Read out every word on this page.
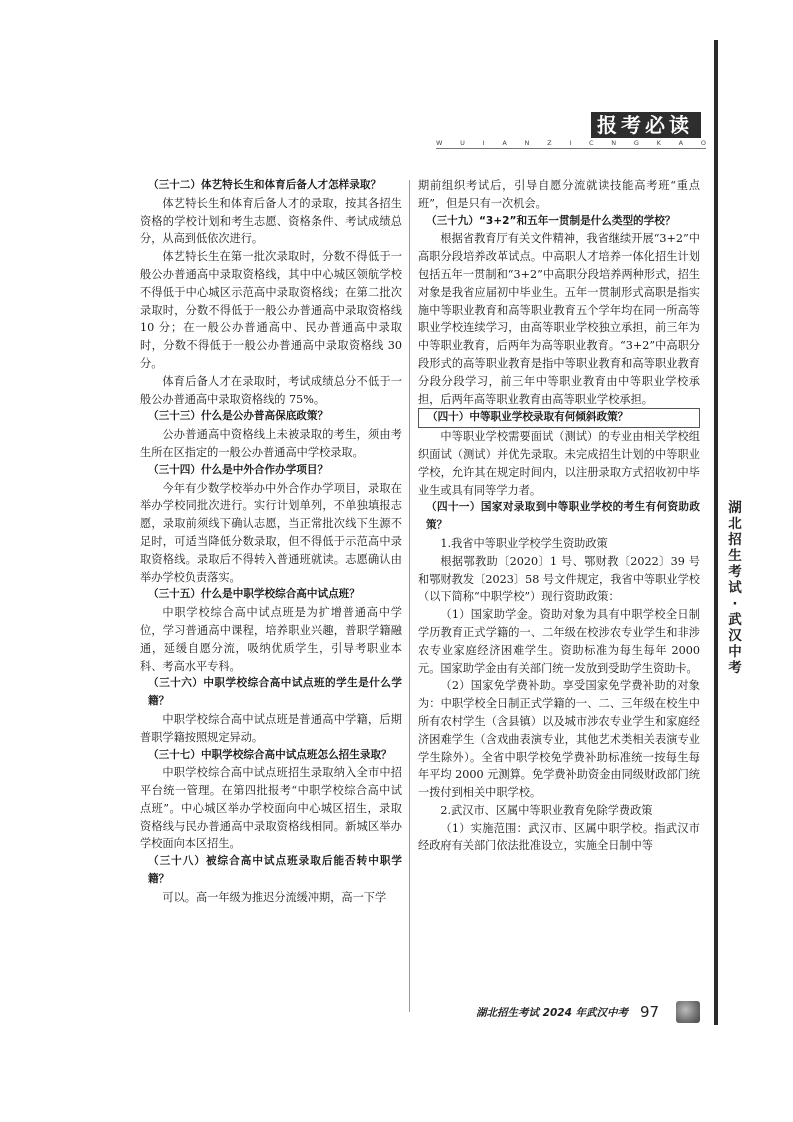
报考必读
W	U	I	A	N	Z	I	C	N	G	K	A	O

（三十二）体艺特长生和体育后备人才怎样录取？

体艺特长生和体育后备人才的录取，按其各招生资格的学校计划和考生志愿、资格条件、考试成绩总分，从高到低依次进行。

体艺特长生在第一批次录取时，分数不得低于一般公办普通高中录取资格线，其中中心城区领航学校不得低于中心城区示范高中录取资格线；在第二批次录取时，分数不得低于一般公办普通高中录取资格线 10 分；在一般公办普通高中、民办普通高中录取时，分数不得低于一般公办普通高中录取资格线 30 分。

体育后备人才在录取时，考试成绩总分不低于一般公办普通高中录取资格线的 75%。

（三十三）什么是公办普高保底政策？

公办普通高中资格线上未被录取的考生，须由考生所在区指定的一般公办普通高中学校录取。

（三十四）什么是中外合作办学项目？

今年有少数学校举办中外合作办学项目，录取在举办学校同批次进行。实行计划单列，不单独填报志愿，录取前须线下确认志愿，当正常批次线下生源不足时，可适当降低分数录取，但不得低于示范高中录取资格线。录取后不得转入普通班就读。志愿确认由举办学校负责落实。

（三十五）什么是中职学校综合高中试点班？

中职学校综合高中试点班是为扩增普通高中学位，学习普通高中课程，培养职业兴趣，普职学籍融通，延缓自愿分流，吸纳优质学生，引导考职业本科、考高水平专科。

（三十六）中职学校综合高中试点班的学生是什么学籍？

中职学校综合高中试点班是普通高中学籍，后期普职学籍按照规定异动。

（三十七）中职学校综合高中试点班怎么招生录取？

中职学校综合高中试点班招生录取纳入全市中招平台统一管理。在第四批报考“中职学校综合高中试点班”。中心城区举办学校面向中心城区招生，录取资格线与民办普通高中录取资格线相同。新城区举办学校面向本区招生。

（三十八）被综合高中试点班录取后能否转中职学籍？

可以。高一年级为推迟分流缓冲期，高一下学

期前组织考试后，引导自愿分流就读技能高考班“重点班”，但是只有一次机会。

（三十九）“3+2”和五年一贯制是什么类型的学校？

根据省教育厅有关文件精神，我省继续开展“3+2”中高职分段培养改革试点。中高职人才培养一体化招生计划包括五年一贯制和“3+2”中高职分段培养两种形式，招生对象是我省应届初中毕业生。五年一贯制形式高职是指实施中等职业教育和高等职业教育五个学年均在同一所高等职业学校连续学习，由高等职业学校独立承担，前三年为中等职业教育，后两年为高等职业教育。“3+2”中高职分段形式的高等职业教育是指中等职业教育和高等职业教育分段分段学习，前三年中等职业教育由中等职业学校承担，后两年高等职业教育由高等职业学校承担。

（四十）中等职业学校录取有何倾斜政策？

中等职业学校需要面试（测试）的专业由相关学校组织面试（测试）并优先录取。未完成招生计划的中等职业学校，允许其在规定时间内，以注册录取方式招收初中毕业生或具有同等学力者。

（四十一）国家对录取到中等职业学校的考生有何资助政策？

1.我省中等职业学校学生资助政策

根据鄂教助〔2020〕1 号、鄂财教〔2022〕39 号和鄂财教发〔2023〕58 号文件规定，我省中等职业学校（以下简称“中职学校”）现行资助政策：

（1）国家助学金。资助对象为具有中职学校全日制学历教育正式学籍的一、二年级在校涉农专业学生和非涉农专业家庭经济困难学生。资助标准为每生每年 2000 元。国家助学金由有关部门统一发放到受助学生资助卡。

（2）国家免学费补助。享受国家免学费补助的对象为：中职学校全日制正式学籍的一、二、三年级在校生中所有农村学生（含县镇）以及城市涉农专业学生和家庭经济困难学生（含戏曲表演专业，其他艺术类相关表演专业学生除外）。全省中职学校免学费补助标准统一按每生每年平均 2000 元测算。免学费补助资金由同级财政部门统一拨付到相关中职学校。

2.武汉市、区属中等职业教育免除学费政策

（1）实施范围：武汉市、区属中职学校。指武汉市经政府有关部门依法批准设立，实施全日制中等

湖北招生考试·武汉中考
湖北招生考试 2024 年武汉中考 97
